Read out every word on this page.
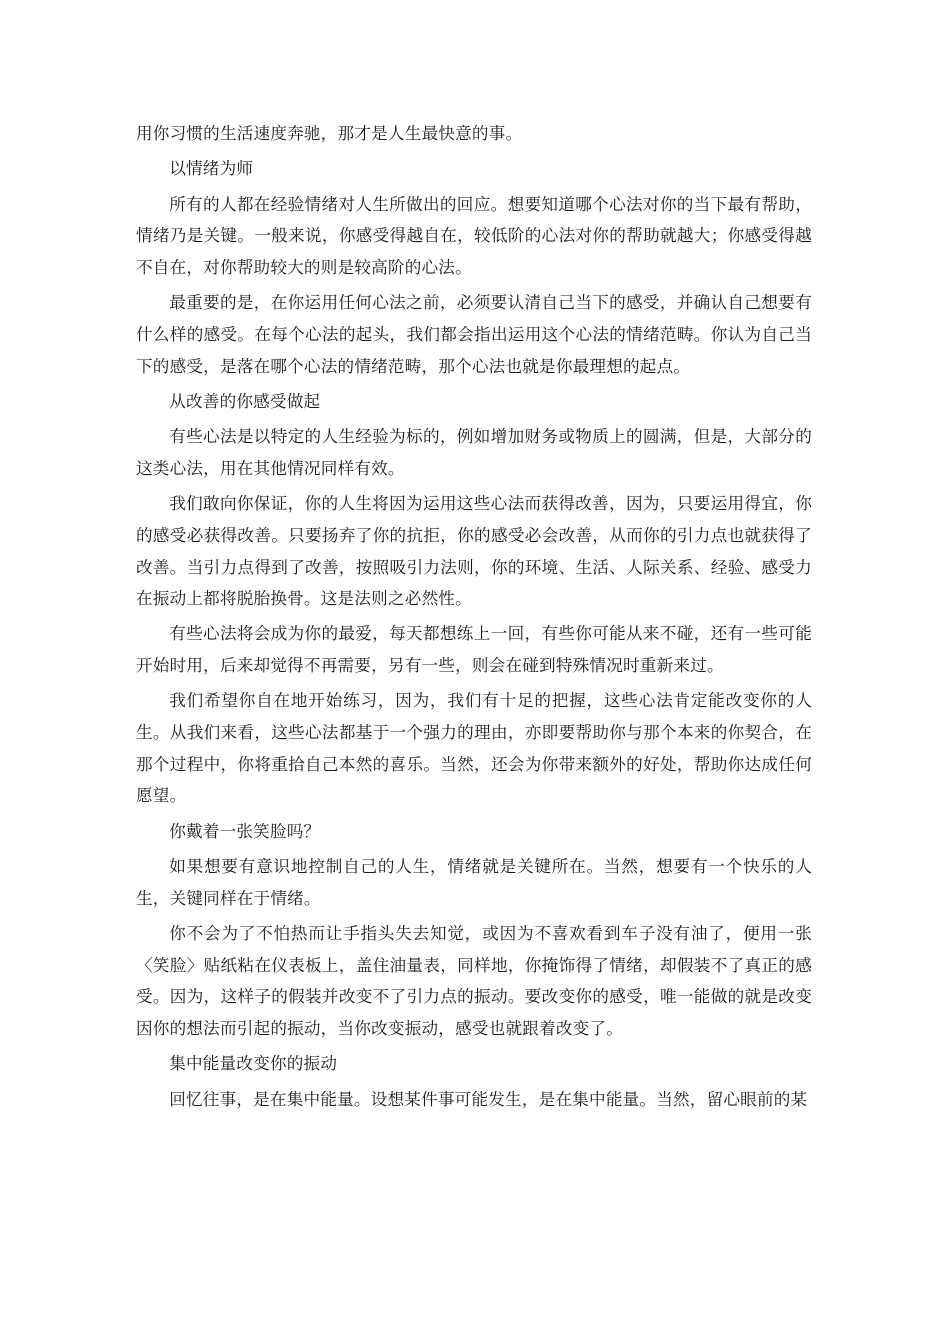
用你习惯的生活速度奔驰，那才是人生最快意的事。

以情绪为师

所有的人都在经验情绪对人生所做出的回应。想要知道哪个心法对你的当下最有帮助，情绪乃是关键。一般来说，你感受得越自在，较低阶的心法对你的帮助就越大；你感受得越不自在，对你帮助较大的则是较高阶的心法。

最重要的是，在你运用任何心法之前，必须要认清自己当下的感受，并确认自己想要有什么样的感受。在每个心法的起头，我们都会指出运用这个心法的情绪范畴。你认为自己当下的感受，是落在哪个心法的情绪范畴，那个心法也就是你最理想的起点。

从改善的你感受做起

有些心法是以特定的人生经验为标的，例如增加财务或物质上的圆满，但是，大部分的这类心法，用在其他情况同样有效。

我们敢向你保证，你的人生将因为运用这些心法而获得改善，因为，只要运用得宜，你的感受必获得改善。只要扬弃了你的抗拒，你的感受必会改善，从而你的引力点也就获得了改善。当引力点得到了改善，按照吸引力法则，你的环境、生活、人际关系、经验、感受力在振动上都将脱胎换骨。这是法则之必然性。

有些心法将会成为你的最爱，每天都想练上一回，有些你可能从来不碰，还有一些可能开始时用，后来却觉得不再需要，另有一些，则会在碰到特殊情况时重新来过。

我们希望你自在地开始练习，因为，我们有十足的把握，这些心法肯定能改变你的人生。从我们来看，这些心法都基于一个强力的理由，亦即要帮助你与那个本来的你契合，在那个过程中，你将重拾自己本然的喜乐。当然，还会为你带来额外的好处，帮助你达成任何愿望。

你戴着一张笑脸吗？

如果想要有意识地控制自己的人生，情绪就是关键所在。当然，想要有一个快乐的人生，关键同样在于情绪。

你不会为了不怕热而让手指头失去知觉，或因为不喜欢看到车子没有油了，便用一张〈笑脸〉贴纸粘在仪表板上，盖住油量表，同样地，你掩饰得了情绪，却假装不了真正的感受。因为，这样子的假装并改变不了引力点的振动。要改变你的感受，唯一能做的就是改变因你的想法而引起的振动，当你改变振动，感受也就跟着改变了。

集中能量改变你的振动

回忆往事，是在集中能量。设想某件事可能发生，是在集中能量。当然，留心眼前的某
